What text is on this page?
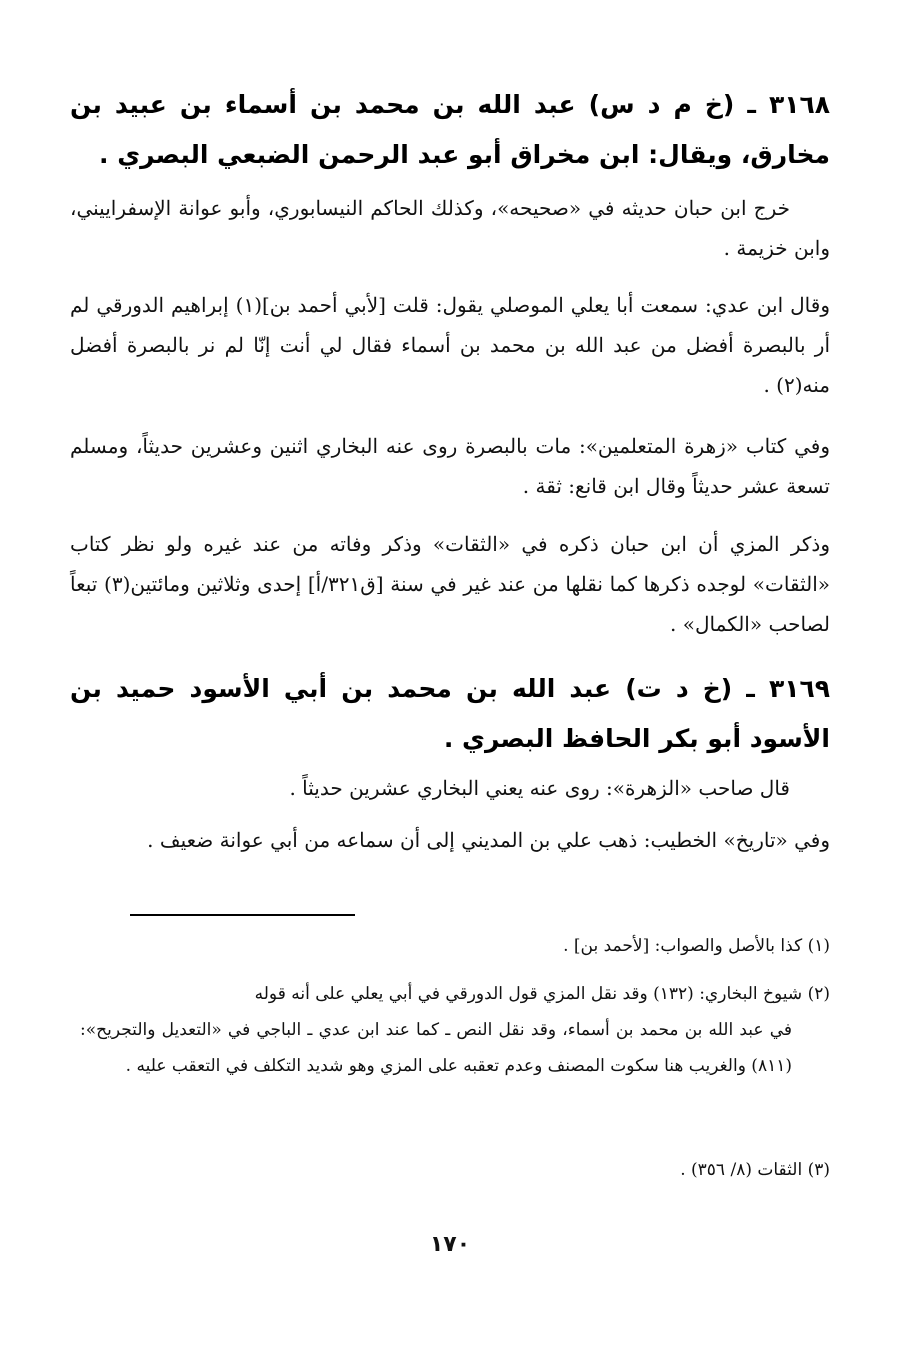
٣١٦٨ ـ (خ م د س) عبد الله بن محمد بن أسماء بن عبيد بن مخارق، ويقال: ابن مخراق أبو عبد الرحمن الضبعي البصري .
خرج ابن حبان حديثه في «صحيحه»، وكذلك الحاكم النيسابوري، وأبو عوانة الإسفراييني، وابن خزيمة .
وقال ابن عدي: سمعت أبا يعلي الموصلي يقول: قلت [لأبي أحمد بن](١) إبراهيم الدورقي لم أر بالبصرة أفضل من عبد الله بن محمد بن أسماء فقال لي أنت إنّا لم نر بالبصرة أفضل منه(٢) .
وفي كتاب «زهرة المتعلمين»: مات بالبصرة روى عنه البخاري اثنين وعشرين حديثاً، ومسلم تسعة عشر حديثاً وقال ابن قانع: ثقة .
وذكر المزي أن ابن حبان ذكره في «الثقات» وذكر وفاته من عند غيره ولو نظر كتاب «الثقات» لوجده ذكرها كما نقلها من عند غير في سنة [ق٣٢١/أ] إحدى وثلاثين ومائتين(٣) تبعاً لصاحب «الكمال» .
٣١٦٩ ـ (خ د ت) عبد الله بن محمد بن أبي الأسود حميد بن الأسود أبو بكر الحافظ البصري .
قال صاحب «الزهرة»: روى عنه يعني البخاري عشرين حديثاً .
وفي «تاريخ» الخطيب: ذهب علي بن المديني إلى أن سماعه من أبي عوانة ضعيف .
(١) كذا بالأصل والصواب: [لأحمد بن] .
(٢) شيوخ البخاري: (١٣٢) وقد نقل المزي قول الدورقي في أبي يعلي على أنه قوله
في عبد الله بن محمد بن أسماء، وقد نقل النص ـ كما عند ابن عدي ـ الباجي في «التعديل والتجريح»: (٨١١) والغريب هنا سكوت المصنف وعدم تعقبه على المزي وهو شديد التكلف في التعقب عليه .
(٣) الثقات (٨/ ٣٥٦) .
١٧٠
